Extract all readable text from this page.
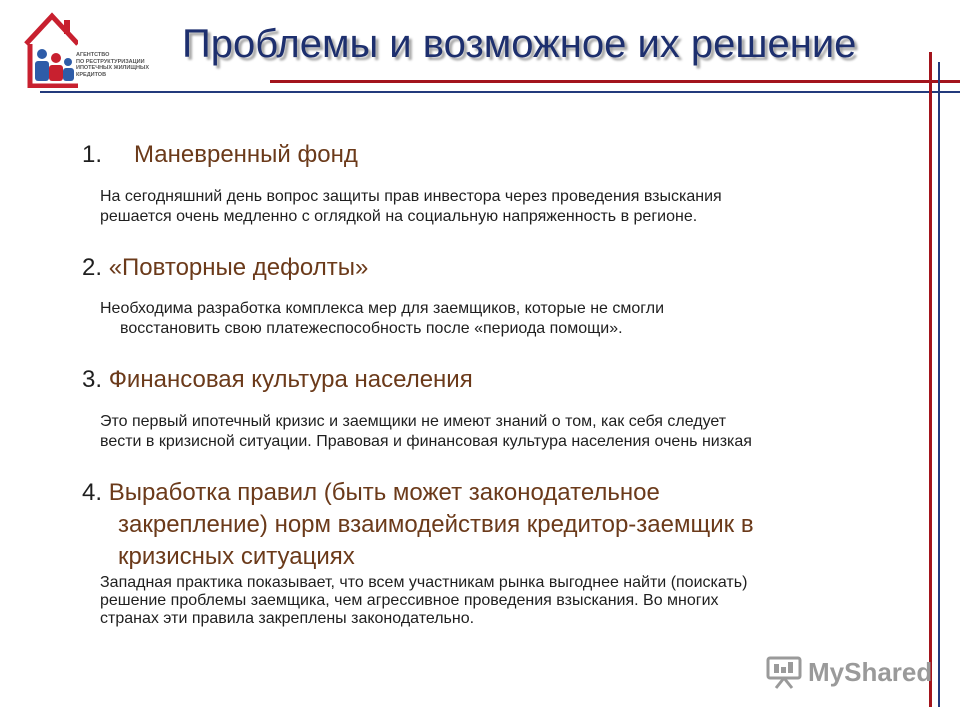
АГЕНТСТВО
ПО РЕСТРУКТУРИЗАЦИИ
ИПОТЕЧНЫХ ЖИЛИЩНЫХ
КРЕДИТОВ
Проблемы и возможное их решение
1. Маневренный фонд

На сегодняшний день вопрос защиты прав инвестора через проведения взыскания
решается очень медленно с оглядкой на социальную напряженность в регионе.

2. «Повторные дефолты»

Необходима разработка комплекса мер для заемщиков, которые не смогли
восстановить свою платежеспособность после «периода помощи».

3. Финансовая культура населения

Это первый ипотечный кризис и заемщики не имеют знаний о том, как себя следует
вести в кризисной ситуации. Правовая и финансовая культура населения очень низкая

4. Выработка правил (быть может законодательное
закрепление) норм взаимодействия кредитор-заемщик в
кризисных ситуациях

Западная практика показывает, что всем участникам рынка выгоднее найти (поискать)
решение проблемы заемщика, чем агрессивное проведения взыскания. Во многих
странах эти правила закреплены законодательно.

MyShared
